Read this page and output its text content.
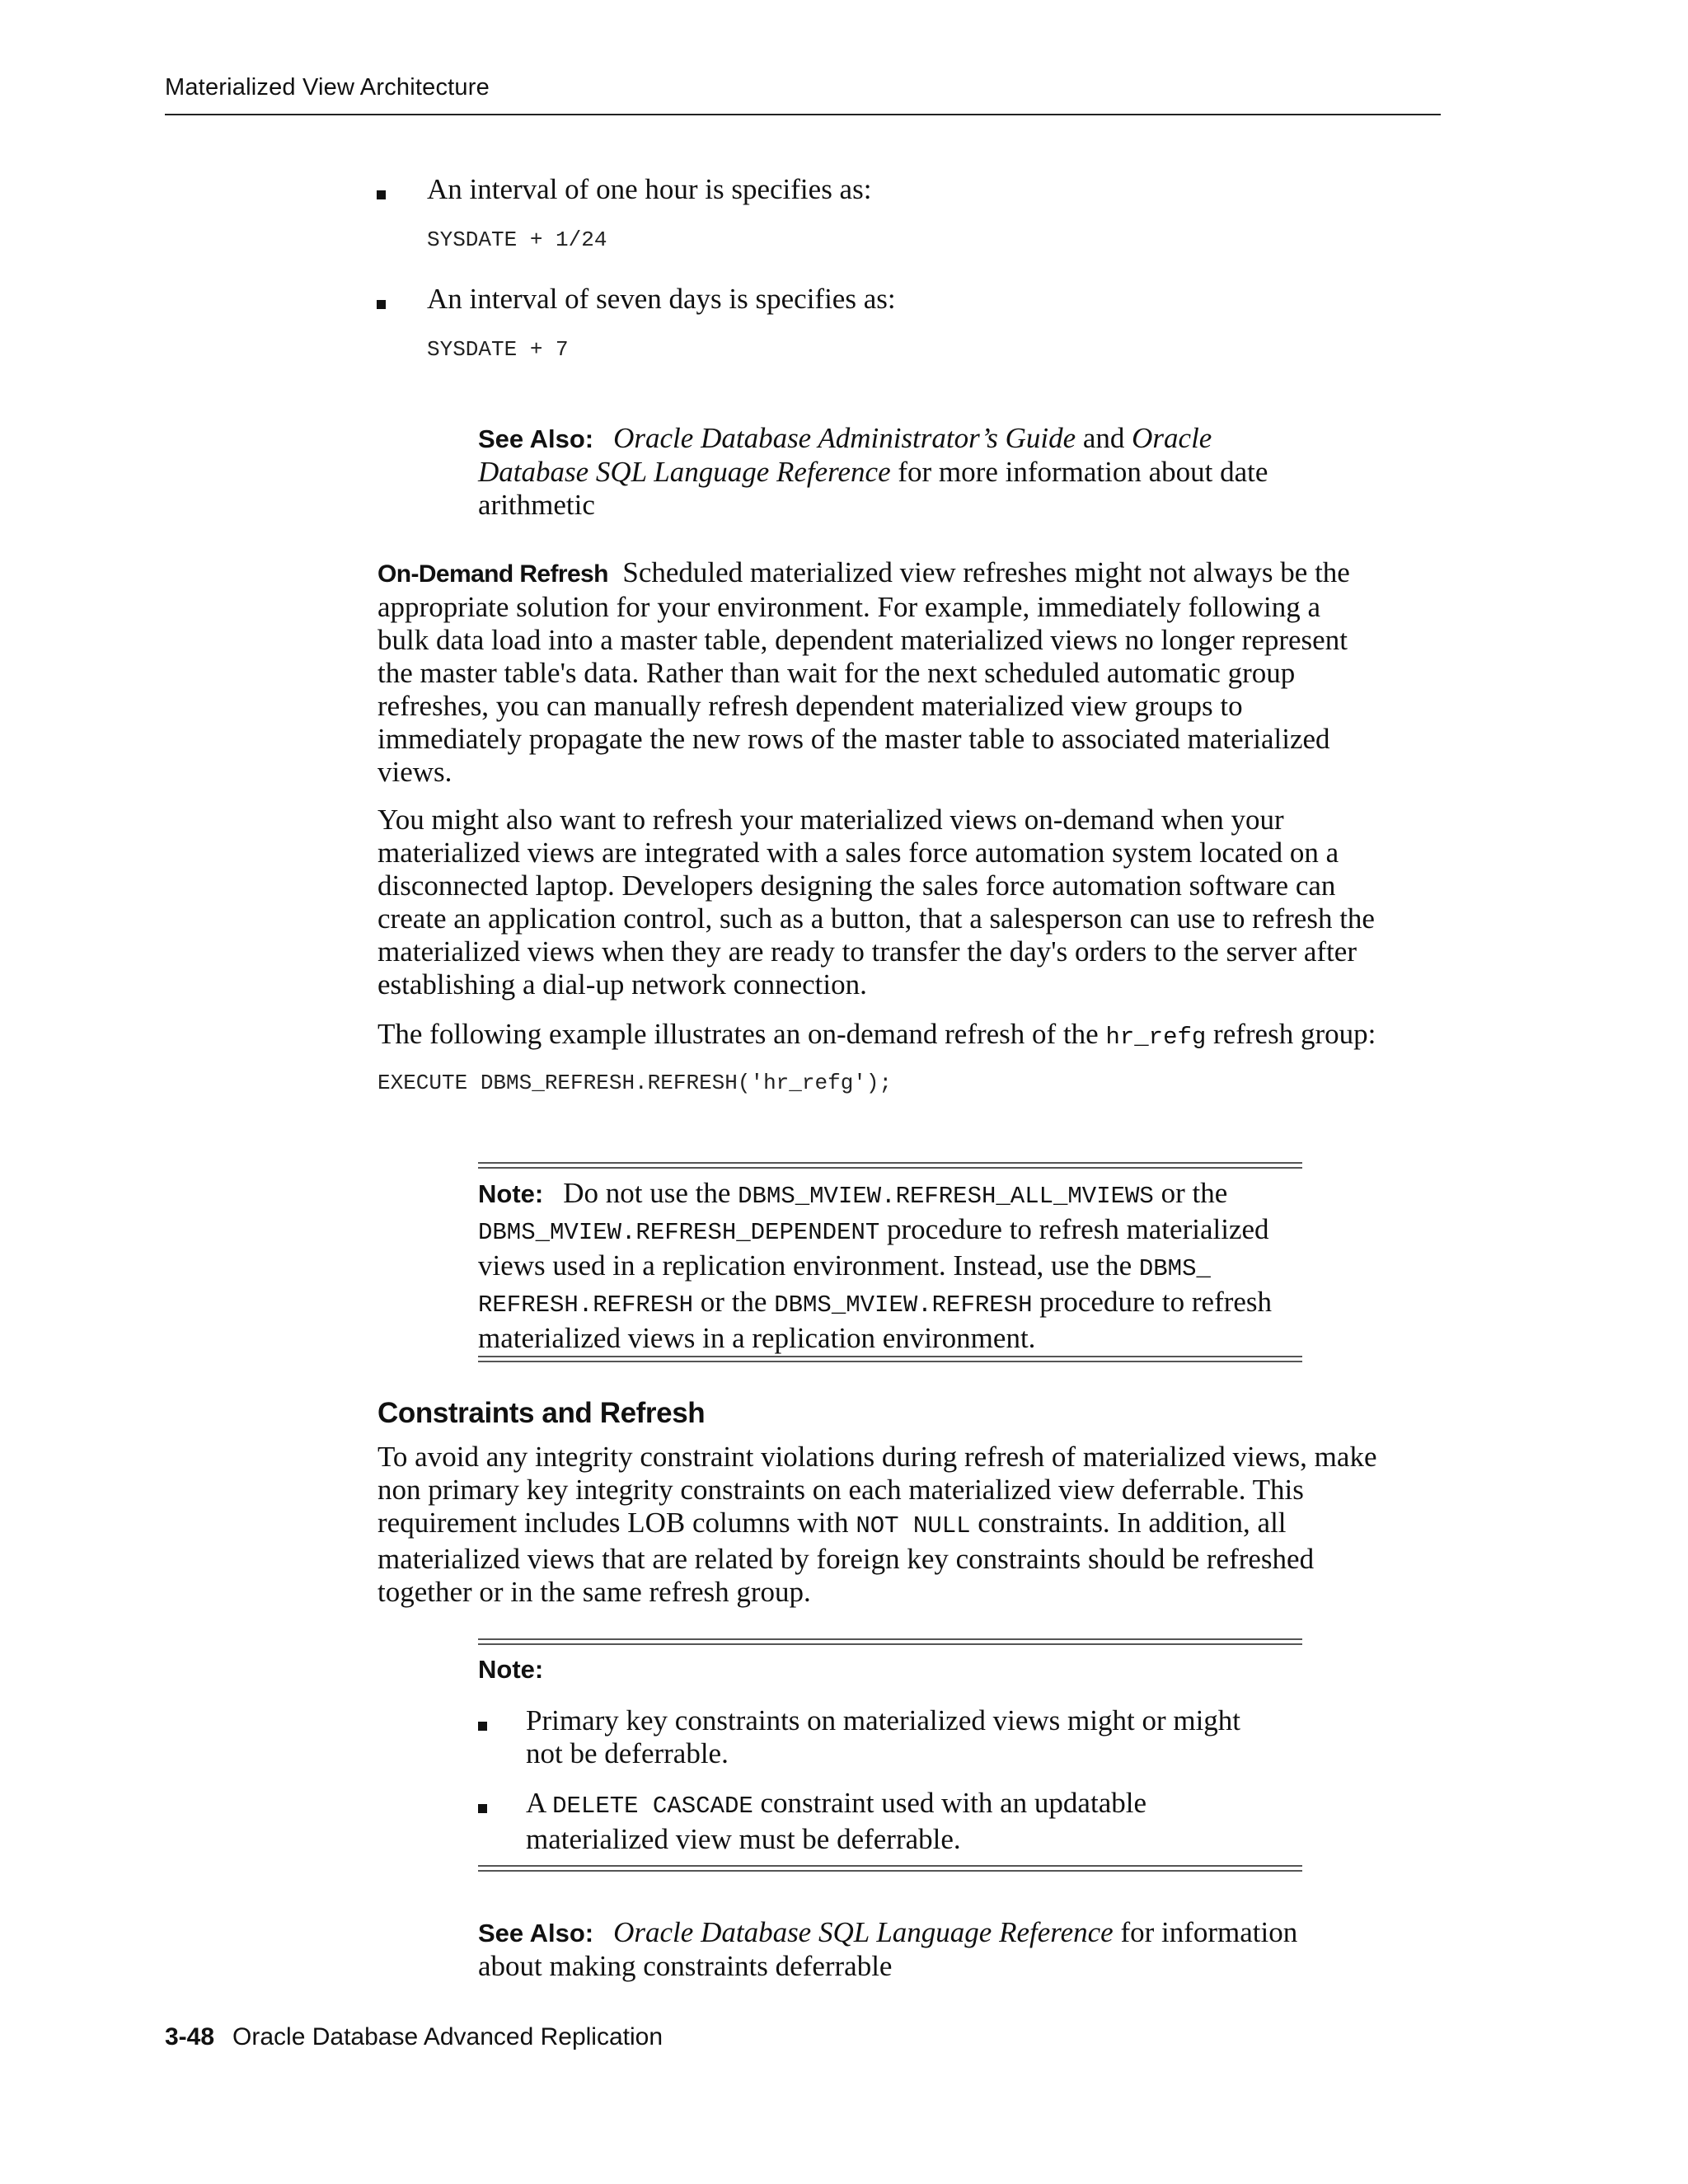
Materialized View Architecture
An interval of one hour is specifies as:
SYSDATE + 1/24
An interval of seven days is specifies as:
SYSDATE + 7
See Also: Oracle Database Administrator’s Guide and Oracle
Database SQL Language Reference for more information about date
arithmetic
On-Demand Refresh Scheduled materialized view refreshes might not always be the
appropriate solution for your environment. For example, immediately following a
bulk data load into a master table, dependent materialized views no longer represent
the master table's data. Rather than wait for the next scheduled automatic group
refreshes, you can manually refresh dependent materialized view groups to
immediately propagate the new rows of the master table to associated materialized
views.
You might also want to refresh your materialized views on-demand when your
materialized views are integrated with a sales force automation system located on a
disconnected laptop. Developers designing the sales force automation software can
create an application control, such as a button, that a salesperson can use to refresh the
materialized views when they are ready to transfer the day's orders to the server after
establishing a dial-up network connection.
The following example illustrates an on-demand refresh of the hr_refg refresh group:
EXECUTE DBMS_REFRESH.REFRESH('hr_refg');
Note: Do not use the DBMS_MVIEW.REFRESH_ALL_MVIEWS or the
DBMS_MVIEW.REFRESH_DEPENDENT procedure to refresh materialized
views used in a replication environment. Instead, use the DBMS_
REFRESH.REFRESH or the DBMS_MVIEW.REFRESH procedure to refresh
materialized views in a replication environment.
Constraints and Refresh
To avoid any integrity constraint violations during refresh of materialized views, make
non primary key integrity constraints on each materialized view deferrable. This
requirement includes LOB columns with NOT NULL constraints. In addition, all
materialized views that are related by foreign key constraints should be refreshed
together or in the same refresh group.
Note:
Primary key constraints on materialized views might or might
not be deferrable.
A DELETE CASCADE constraint used with an updatable
materialized view must be deferrable.
See Also: Oracle Database SQL Language Reference for information
about making constraints deferrable
3-48 Oracle Database Advanced Replication
